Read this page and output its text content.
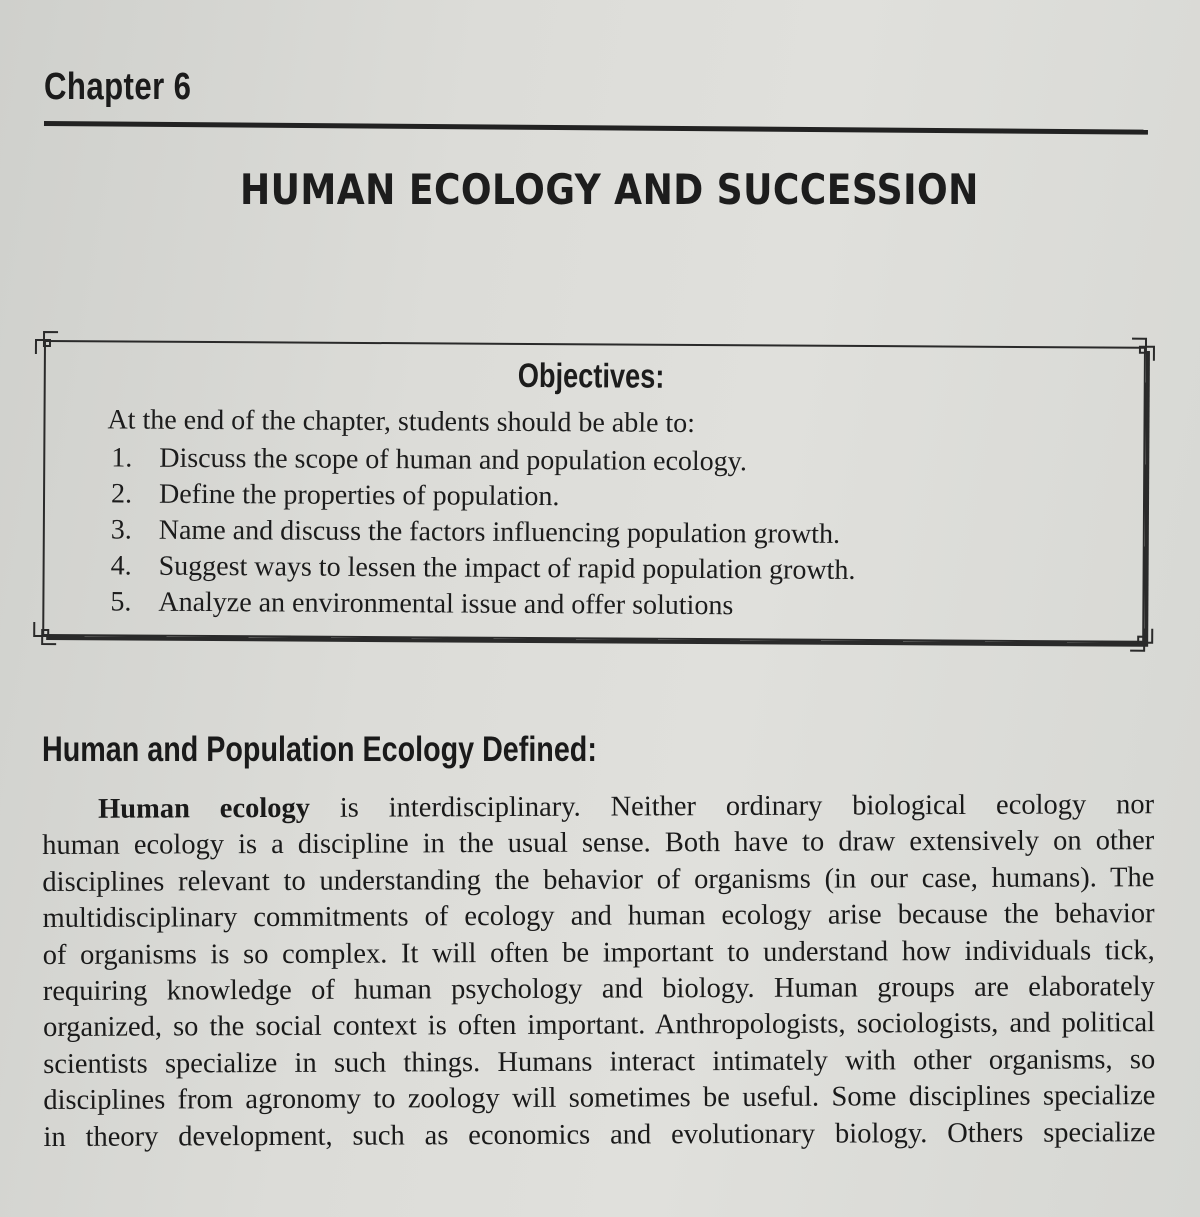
Chapter 6
HUMAN ECOLOGY AND SUCCESSION
Objectives:
At the end of the chapter, students should be able to:
1. Discuss the scope of human and population ecology.
2. Define the properties of population.
3. Name and discuss the factors influencing population growth.
4. Suggest ways to lessen the impact of rapid population growth.
5. Analyze an environmental issue and offer solutions
Human and Population Ecology Defined:
Human ecology is interdisciplinary. Neither ordinary biological ecology nor
human ecology is a discipline in the usual sense. Both have to draw extensively on other
disciplines relevant to understanding the behavior of organisms (in our case, humans). The
multidisciplinary commitments of ecology and human ecology arise because the behavior
of organisms is so complex. It will often be important to understand how individuals tick,
requiring knowledge of human psychology and biology. Human groups are elaborately
organized, so the social context is often important. Anthropologists, sociologists, and political
scientists specialize in such things. Humans interact intimately with other organisms, so
disciplines from agronomy to zoology will sometimes be useful. Some disciplines specialize
in theory development, such as economics and evolutionary biology. Others specialize
